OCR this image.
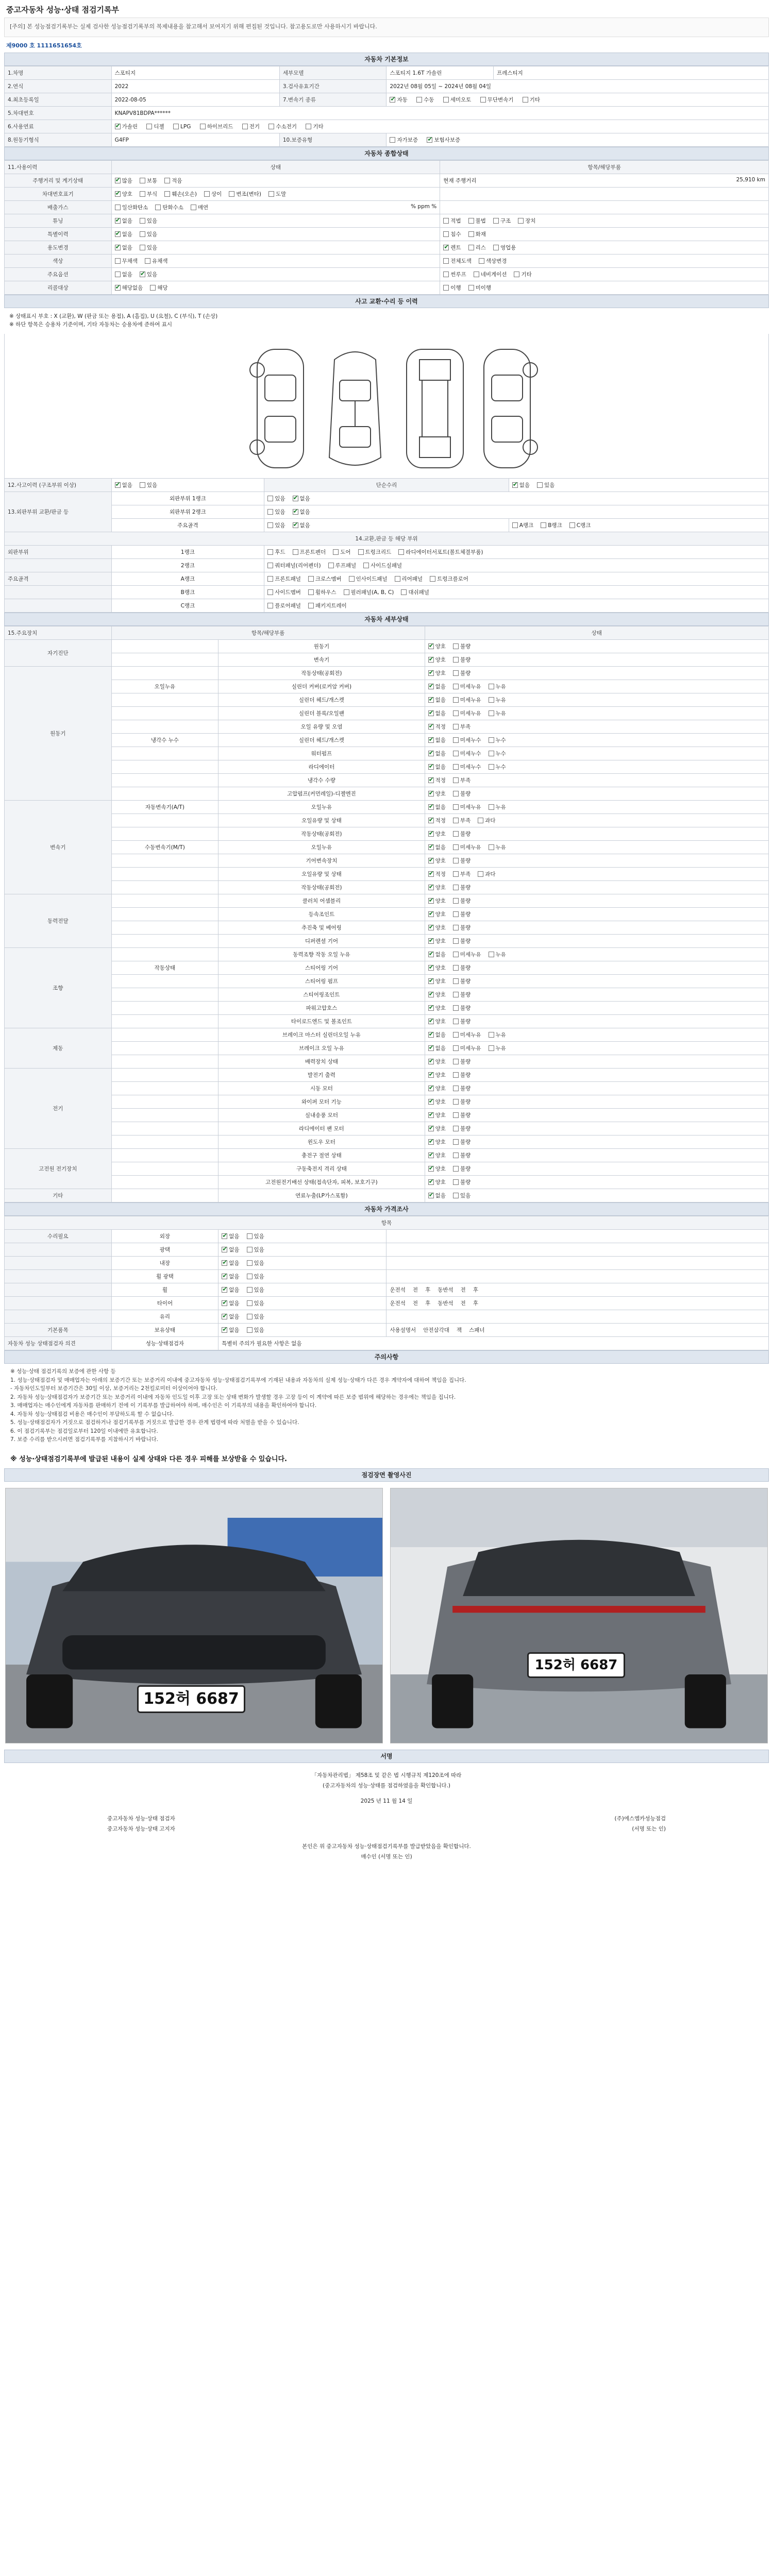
중고자동차 성능·상태 점검기록부
[주의] 본 성능점검기록부는 실제 검사한 성능점검기록부의 복제내용을 참고해서 보여지기 위해 편집된 것입니다. 참고용도로만 사용하시기 바랍니다.
제9000 호 1111651654호
자동차 기본정보
1.차명	스포티지	세부모델	스포티지 1.6T 가솔린	프레스티지
2.연식	2022	3.검사유효기간	2022년 08월 05일 ~ 2024년 08월 04일	
4.최초등록일	2022-08-05	7.변속기 종류	✔자동 수동 세미오토 무단변속기 기타
5.차대번호	KNAPV81BDPA******			
6.사용연료	✔가솔린 디젤 LPG 하이브리드 전기 수소전기 기타
8.원동기형식	G4FP	10.보증유형	자가보증 ✔ 보험사보증
자동차 종합상태
11.사용이력	상태	항목/해당부품
주행거리 및 계기상태	✔많음 보통 적음	현재 주행거리 25,910 km

차대번호표기	✔양호 부식 훼손(오손) 상이 변조(변타) 도말	
배출가스	일산화탄소 탄화수소 매연 % ppm %	

튜닝	✔없음 있음	적법 불법 구조 장치
특별이력	✔없음 있음	침수 화재
용도변경	✔없음 있음	✔렌트 리스 영업용
색상	무채색 유채색	전체도색 색상변경
주요옵션	없음 ✔ 있음	썬루프 네비게이션 기타
리콜대상	✔해당없음 해당	이행 미이행
사고 교환·수리 등 이력
※ 상태표시 부호 : X (교환), W (판금 또는 용접), A (흠집), U (요철), C (부식), T (손상)
※ 하단 항목은 승용차 기준이며, 기타 자동차는 승용차에 준하여 표시
12.사고이력 (구조부위 이상)	✔없음 있음	단순수리	✔없음 있음
13.외판부위 교환/판금 등	외판부위 1랭크	있음 ✔ 없음
	외판부위 2랭크	있음 ✔ 없음
	주요골격	있음 ✔ 없음	A랭크 B랭크 C랭크
14.교환,판금 등 해당 부위			
외판부위	1랭크	후드 프론트펜더 도어 트렁크리드 라디에이터서포트(볼트체결부품)	
	2랭크	쿼터패널(리어펜더) 루프패널 사이드실패널	
주요골격	A랭크	프론트패널 크로스멤버 인사이드패널 리어패널 트렁크플로어	
	B랭크	사이드멤버 휠하우스 필러패널(A, B, C) 대쉬패널	
	C랭크	플로어패널 패키지트레이	
자동차 세부상태
15.주요장치	항목/해당부품		상태
자기진단		원동기	✔양호 불량
		변속기	✔양호 불량
원동기		작동상태(공회전)	✔양호 불량
	오일누유	실린더 커버(로커암 커버)	✔없음 미세누유 누유
		실린더 헤드/개스켓	✔없음 미세누유 누유
		실린더 블록/오일팬	✔없음 미세누유 누유
		오일 유량 및 오염	✔적정 부족
	냉각수 누수	실린더 헤드/개스켓	✔없음 미세누수 누수
		워터펌프	✔없음 미세누수 누수
		라디에이터	✔없음 미세누수 누수
		냉각수 수량	✔적정 부족
		고압펌프(커먼레일)-디젤엔진	✔양호 불량
변속기	자동변속기(A/T)	오일누유	✔없음 미세누유 누유
		오일유량 및 상태	✔적정 부족 과다
		작동상태(공회전)	✔양호 불량
	수동변속기(M/T)	오일누유	✔없음 미세누유 누유
		기어변속장치	✔양호 불량
		오일유량 및 상태	✔적정 부족 과다
		작동상태(공회전)	✔양호 불량
동력전달		클러치 어셈블리	✔양호 불량
		등속조인트	✔양호 불량
		추진축 및 베어링	✔양호 불량
		디퍼렌셜 기어	✔양호 불량
조향		동력조향 작동 오일 누유	✔없음 미세누유 누유
	작동상태	스티어링 기어	✔양호 불량
		스티어링 펌프	✔양호 불량
		스티어링조인트	✔양호 불량
		파워고압호스	✔양호 불량
		타이로드엔드 및 볼조인트	✔양호 불량
제동		브레이크 마스터 실린더오일 누유	✔없음 미세누유 누유
		브레이크 오일 누유	✔없음 미세누유 누유
		배력장치 상태	✔양호 불량
전기		발전기 출력	✔양호 불량
		시동 모터	✔양호 불량
		와이퍼 모터 기능	✔양호 불량
		실내송풍 모터	✔양호 불량
		라디에이터 팬 모터	✔양호 불량
		윈도우 모터	✔양호 불량
고전원 전기장치		충전구 절연 상태	✔양호 불량
		구동축전지 격리 상태	✔양호 불량
		고전원전기배선 상태(접속단자, 피복, 보호기구)	✔양호 불량
기타		연료누출(LP가스포함)	✔없음 있음
자동차 가격조사
항목			
수리필요	외장	✔없음 있음	
	광택	✔없음 있음	
	내장	✔없음 있음	
	휠 광택	✔없음 있음	
	휠	✔없음 있음	운전석 전 후 동반석 전 후
	타이어	✔없음 있음	운전석 전 후 동반석 전 후
	유리	✔없음 있음	
기본품목	보유상태	✔없음 있음	사용설명서 안전삼각대 잭 스패너
자동차 성능 상태점검자 의견	성능·상태점검자	특별히 주의가 필요한 사항은 없음	
주의사항

※ 성능·상태 점검기록의 보증에 관한 사항 등

1. 성능·상태점검자 및 매매업자는 아래의 보증기간 또는 보증거리 이내에 중고자동차 성능·상태점검기록부에 기재된 내용과 자동차의 실제 성능·상태가 다른 경우 계약자에 대하여 책임을 집니다.

- 자동차인도일부터 보증기간은 30일 이상, 보증거리는 2천킬로미터 이상이어야 합니다.

2. 자동차 성능·상태점검자가 보증기간 또는 보증거리 이내에 자동차 인도일 이후 고장 또는 상태 변화가 발생할 경우 고장 등이 이 계약에 따른 보증 범위에 해당하는 경우에는 책임을 집니다.

3. 매매업자는 매수인에게 자동차를 판매하기 전에 이 기록부를 발급하여야 하며, 매수인은 이 기록부의 내용을 확인하여야 합니다.

4. 자동차 성능·상태점검 비용은 매수인이 부담하도록 할 수 없습니다.

5. 성능·상태점검자가 거짓으로 점검하거나 점검기록부를 거짓으로 발급한 경우 관계 법령에 따라 처벌을 받을 수 있습니다.

6. 이 점검기록부는 점검일로부터 120일 이내에만 유효합니다.

7. 보증 수리를 받으시려면 점검기록부를 지참하시기 바랍니다.

※ 성능·상태점검기록부에 발급된 내용이 실제 상태와 다른 경우 피해를 보상받을 수 있습니다.

점검장면 촬영사진
152허 6687
152허 6687
서명
「자동차관리법」 제58조 및 같은 법 시행규칙 제120조에 따라
(중고자동차의 성능·상태를 점검하였음을 확인합니다.)
2025 년 11 월 14 일
중고자동차 성능·상태 점검자
중고자동차 성능·상태 고지자
(주)에스엠카성능점검
(서명 또는 인)
본인은 위 중고자동차 성능·상태점검기록부를 발급받았음을 확인합니다.
매수인 (서명 또는 인)
